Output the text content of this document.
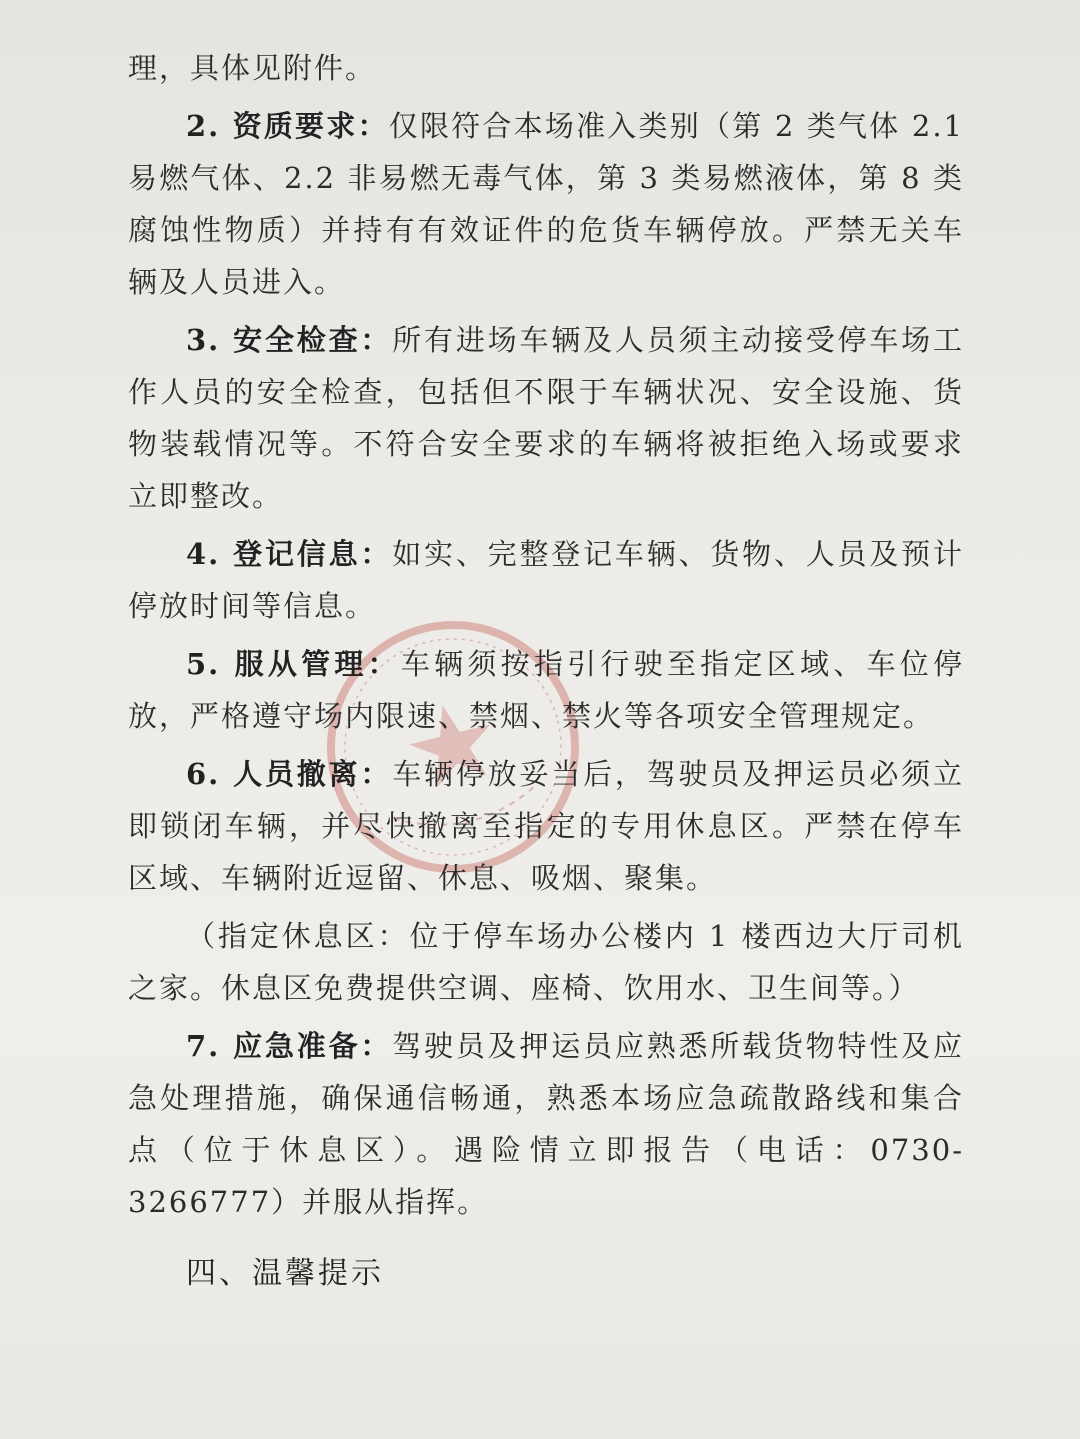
理，具体见附件。

2. 资质要求：仅限符合本场准入类别（第 2 类气体 2.1 易燃气体、2.2 非易燃无毒气体，第 3 类易燃液体，第 8 类腐蚀性物质）并持有有效证件的危货车辆停放。严禁无关车辆及人员进入。

3. 安全检查：所有进场车辆及人员须主动接受停车场工作人员的安全检查，包括但不限于车辆状况、安全设施、货物装载情况等。不符合安全要求的车辆将被拒绝入场或要求立即整改。

4. 登记信息：如实、完整登记车辆、货物、人员及预计停放时间等信息。

5. 服从管理：车辆须按指引行驶至指定区域、车位停放，严格遵守场内限速、禁烟、禁火等各项安全管理规定。

6. 人员撤离：车辆停放妥当后，驾驶员及押运员必须立即锁闭车辆，并尽快撤离至指定的专用休息区。严禁在停车区域、车辆附近逗留、休息、吸烟、聚集。

（指定休息区：位于停车场办公楼内 1 楼西边大厅司机之家。休息区免费提供空调、座椅、饮用水、卫生间等。）

7. 应急准备：驾驶员及押运员应熟悉所载货物特性及应急处理措施，确保通信畅通，熟悉本场应急疏散路线和集合点（位于休息区）。遇险情立即报告（电话：0730-3266777）并服从指挥。

四、温馨提示
